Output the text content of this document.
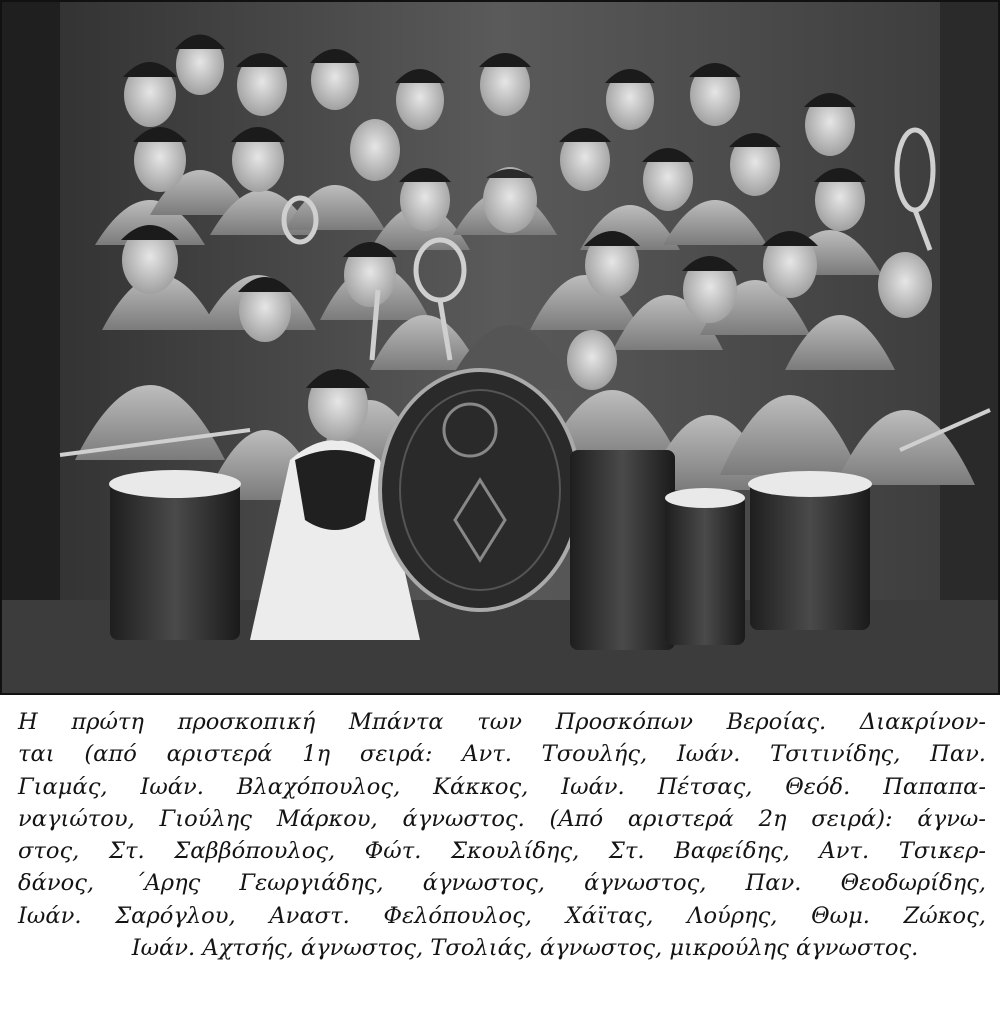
Η πρώτη προσκοπική Μπάντα των Προσκόπων Βεροίας. Διακρίνον-
ται (από αριστερά 1η σειρά: Αντ. Τσουλής, Ιωάν. Τσιτινίδης, Παν.
Γιαμάς, Ιωάν. Βλαχόπουλος, Κάκκος, Ιωάν. Πέτσας, Θεόδ. Παπαπα-
ναγιώτου, Γιούλης Μάρκου, άγνωστος. (Από αριστερά 2η σειρά): άγνω-
στος, Στ. Σαββόπουλος, Φώτ. Σκουλίδης, Στ. Βαφείδης, Αντ. Τσικερ-
δάνος, ΄Αρης Γεωργιάδης, άγνωστος, άγνωστος, Παν. Θεοδωρίδης,
Ιωάν. Σαρόγλου, Αναστ. Φελόπουλος, Χάϊτας, Λούρης, Θωμ. Ζώκος,
Ιωάν. Αχτσής, άγνωστος, Τσολιάς, άγνωστος, μικρούλης άγνωστος.
